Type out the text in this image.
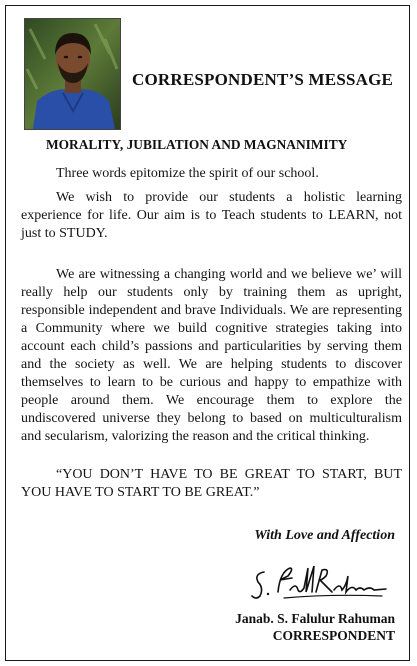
CORRESPONDENT’S MESSAGE
MORALITY, JUBILATION AND MAGNANIMITY
Three words epitomize the spirit of our school.
We wish to provide our students a holistic learning experience for life. Our aim is to Teach students to LEARN, not just to STUDY.
We are witnessing a changing world and we believe we’ will really help our students only by training them as upright, responsible independent and brave Individuals. We are representing a Community where we build cognitive strategies taking into account each child’s passions and particularities by serving them and the society as well. We are helping students to discover themselves to learn to be curious and happy to empathize with people around them. We encourage them to explore the undiscovered universe they belong to based on multiculturalism and secularism, valorizing the reason and the critical thinking.
“YOU DON’T HAVE TO BE GREAT TO START, BUT YOU HAVE TO START TO BE GREAT.”
With Love and Affection
Janab. S. Falulur Rahuman
CORRESPONDENT
